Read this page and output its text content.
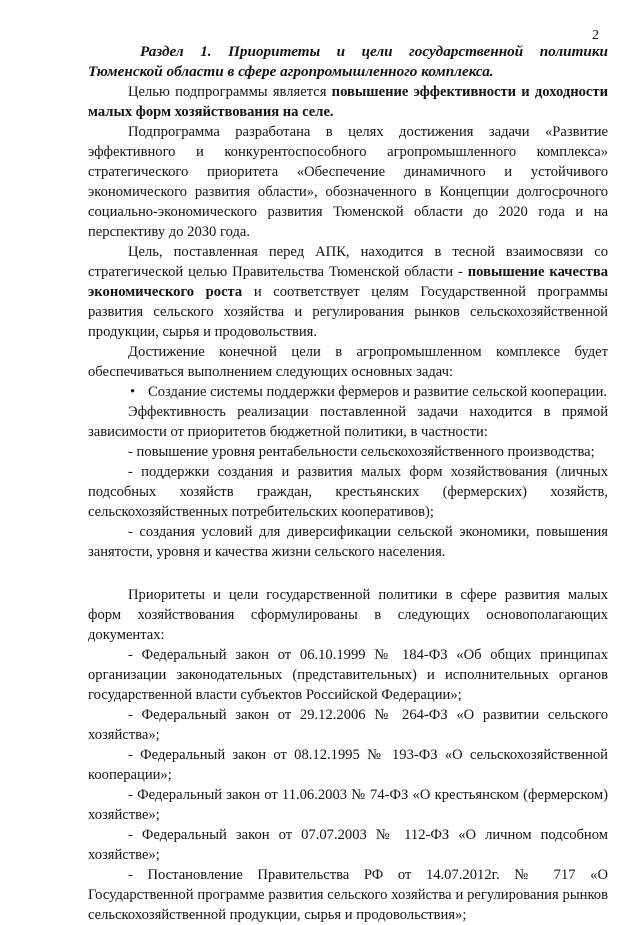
2

Раздел 1. Приоритеты и цели государственной политики Тюменской области в сфере агропромышленного комплекса.

Целью подпрограммы является повышение эффективности и доходности малых форм хозяйствования на селе.

Подпрограмма разработана в целях достижения задачи «Развитие эффективного и конкурентоспособного агропромышленного комплекса» стратегического приоритета «Обеспечение динамичного и устойчивого экономического развития области», обозначенного в Концепции долгосрочного социально-экономического развития Тюменской области до 2020 года и на перспективу до 2030 года.

Цель, поставленная перед АПК, находится в тесной взаимосвязи со стратегической целью Правительства Тюменской области - повышение качества экономического роста и соответствует целям Государственной программы развития сельского хозяйства и регулирования рынков сельскохозяйственной продукции, сырья и продовольствия.

Достижение конечной цели в агропромышленном комплексе будет обеспечиваться выполнением следующих основных задач:

• Создание системы поддержки фермеров и развитие сельской кооперации.

Эффективность реализации поставленной задачи находится в прямой зависимости от приоритетов бюджетной политики, в частности:

- повышение уровня рентабельности сельскохозяйственного производства;

- поддержки создания и развития малых форм хозяйствования (личных подсобных хозяйств граждан, крестьянских (фермерских) хозяйств, сельскохозяйственных потребительских кооперативов);

- создания условий для диверсификации сельской экономики, повышения занятости, уровня и качества жизни сельского населения.

Приоритеты и цели государственной политики в сфере развития малых форм хозяйствования сформулированы в следующих основополагающих документах:

- Федеральный закон от 06.10.1999 № 184-ФЗ «Об общих принципах организации законодательных (представительных) и исполнительных органов государственной власти субъектов Российской Федерации»;

- Федеральный закон от 29.12.2006 № 264-ФЗ «О развитии сельского хозяйства»;

- Федеральный закон от 08.12.1995 № 193-ФЗ «О сельскохозяйственной кооперации»;

- Федеральный закон от 11.06.2003 № 74-ФЗ «О крестьянском (фермерском) хозяйстве»;

- Федеральный закон от 07.07.2003 № 112-ФЗ «О личном подсобном хозяйстве»;

- Постановление Правительства РФ от 14.07.2012г. № 717 «О Государственной программе развития сельского хозяйства и регулирования рынков сельскохозяйственной продукции, сырья и продовольствия»;
